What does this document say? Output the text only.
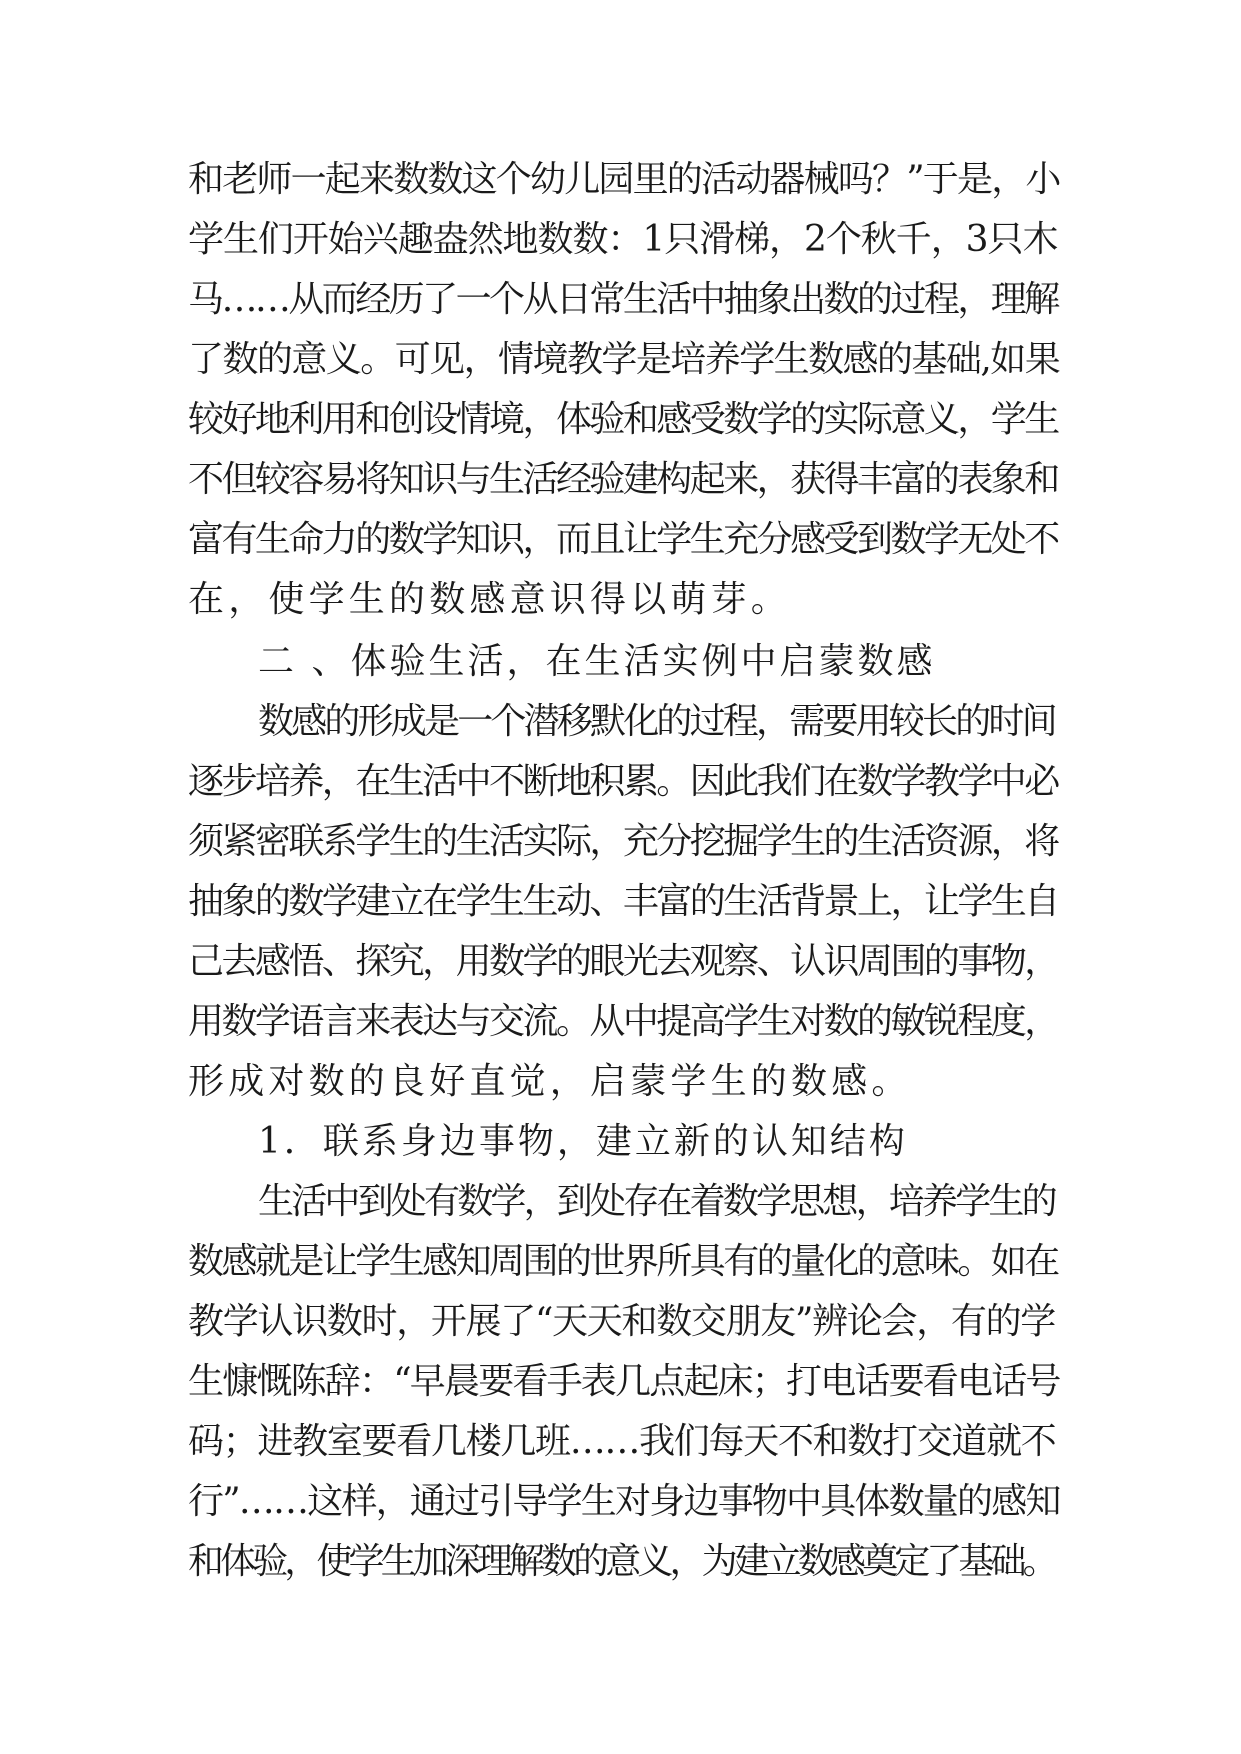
和老师一起来数数这个幼儿园里的活动器械吗？”于是，小

学生们开始兴趣盎然地数数：1只滑梯，2个秋千，3只木

马……从而经历了一个从日常生活中抽象出数的过程，理解

了数的意义。可见，情境教学是培养学生数感的基础,如果

较好地利用和创设情境，体验和感受数学的实际意义，学生

不但较容易将知识与生活经验建构起来，获得丰富的表象和

富有生命力的数学知识，而且让学生充分感受到数学无处不

在，使学生的数感意识得以萌芽。

二 、体验生活，在生活实例中启蒙数感

数感的形成是一个潜移默化的过程，需要用较长的时间

逐步培养，在生活中不断地积累。因此我们在数学教学中必

须紧密联系学生的生活实际，充分挖掘学生的生活资源，将

抽象的数学建立在学生生动、丰富的生活背景上，让学生自

己去感悟、探究，用数学的眼光去观察、认识周围的事物，

用数学语言来表达与交流。从中提高学生对数的敏锐程度，

形成对数的良好直觉，启蒙学生的数感。

1．联系身边事物，建立新的认知结构

生活中到处有数学，到处存在着数学思想，培养学生的

数感就是让学生感知周围的世界所具有的量化的意味。如在

教学认识数时，开展了“天天和数交朋友”辨论会，有的学

生慷慨陈辞：“早晨要看手表几点起床；打电话要看电话号

码；进教室要看几楼几班……我们每天不和数打交道就不

行”……这样，通过引导学生对身边事物中具体数量的感知

和体验，使学生加深理解数的意义，为建立数感奠定了基础。
